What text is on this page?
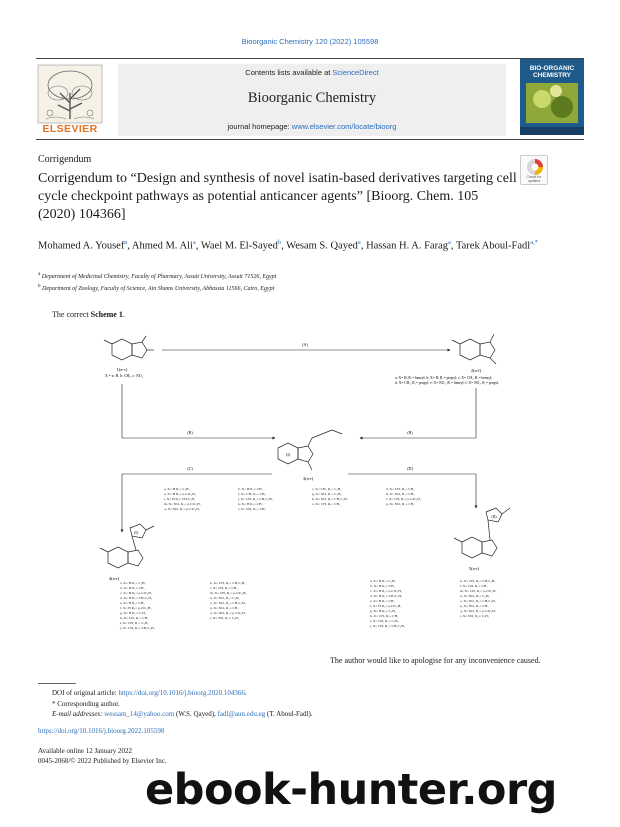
Bioorganic Chemistry 120 (2022) 105598
ELSEVIER
Contents lists available at ScienceDirect
Bioorganic Chemistry
journal homepage: www.elsevier.com/locate/bioorg
BIO-ORGANIC CHEMISTRY
Corrigendum
Corrigendum to “Design and synthesis of novel isatin-based derivatives targeting cell cycle checkpoint pathways as potential anticancer agents” [Bioorg. Chem. 105 (2020) 104366]
Check for updates
Mohamed A. Yousef$^a$, Ahmed M. Ali$^a$, Wael M. El-Sayed$^b$, Wesam S. Qayed$^a$, Hassan H. A. Farag$^a$, Tarek Aboul-Fadl$^{a,*}$
$^a$ Department of Medicinal Chemistry, Faculty of Pharmacy, Assuit University, Assuit 71526, Egypt
$^b$ Department of Zoology, Faculty of Science, Ain Shams University, Abbassia 11566, Cairo, Egypt
The correct Scheme 1.
1(a-c)
X = a: H, b: CH₃, c: NO₂
(A)
2(a-f)
a: X= H, R₁= benzyl; b: X= H, R₁= propyl; c: X= CH₃, R₁= benzyl;
d: X= CH₃, R₁= propyl; e: X= NO₂, R₁= benzyl; f: X= NO₂, R₁= propyl.
(B)	(B)
(I)
3(a-r)
(C)	(D)
a, X= H R₂= C₆H₅	b, X= H R₂= CH₃	c, X= CH₃ R₂= C₆H₅	d, X= CH₃ R₂= CH₃
e, X= H R₂= p-ClC₆H₄	f, X= CH₃ R₂= CH₃	g, X= NO₂ R₂= C₆H₅	h, X= NO₂ R₂= CH₃
i, X= H R₂= CH₂C₆H₅	j, X= CH₃ R₂= CH₂C₆H₅	k, X= NO₂ R₂= CH₂C₆H₅	l, X= CH₃ R₂= p-ClC₆H₄
m, X= NO₂ R₂= p-ClC₆H₄	n, X= H R₂= CH₃	o, X= CH₃ R₂= CH₃	p, X= NO₂ R₂= CH₃
q, X= NO₂ R₂= p-ClC₆H₄	r, X= NO₂ R₂= CH₃
(I)
4(a-r)
(II)
5(a-r)
a, X= H R₂= C₆H₅	k, X= CH₃ R₂= CH₂C₆H₅
b, X= H R₂= CH₃	l, X= CH₃ R₂= CH₃
c, X= H R₂= p-ClC₆H₄	m, X= CH₃ R₂= p-ClC₆H₄
d, X= H R₂= CH₂C₆H₅	n, X= NO₂ R₂= C₆H₅
e, X= H R₂= CH₃	o, X= NO₂ R₂= CH₂C₆H₅
f, X= H R₂= p-ClC₆H₄	p, X= NO₂ R₂= CH₃
g, X= H R₂= C₆H₅	q, X= NO₂ R₂= p-ClC₆H₄
h, X= CH₃ R₂= CH₃	r, X= NO₂ R₂= C₆H₅
i, X= CH₃ R₂= C₆H₅
j, X= CH₃ R₂= CH₂C₆H₅
a, X= H R₂= C₆H₅	k, X= CH₃ R₂= CH₂C₆H₅
b, X= H R₂= CH₃	l, X= CH₃ R₂= CH₃
c, X= H R₂= p-ClC₆H₄	m, X= CH₃ R₂= p-ClC₆H₄
d, X= H R₂= CH₂C₆H₅	n, X= NO₂ R₂= C₆H₅
e, X= H R₂= CH₃	o, X= NO₂ R₂= CH₂C₆H₅
f, X= H R₂= p-ClC₆H₄	p, X= NO₂ R₂= CH₃
g, X= H R₂= C₆H₅	q, X= NO₂ R₂= p-ClC₆H₄
h, X= CH₃ R₂= CH₃	r, X= NO₂ R₂= C₆H₅
i, X= CH₃ R₂= C₆H₅
j, X= CH₃ R₂= CH₂C₆H₅
The author would like to apologise for any inconvenience caused.
DOI of original article: https://doi.org/10.1016/j.bioorg.2020.104366.
* Corresponding author.
E-mail addresses: wessam_14@yahoo.com (W.S. Qayed), fadl@aun.edu.eg (T. Aboul-Fadl).
https://doi.org/10.1016/j.bioorg.2022.105598
Available online 12 January 2022
0045-2068/© 2022 Published by Elsevier Inc.
ebook-hunter.org
